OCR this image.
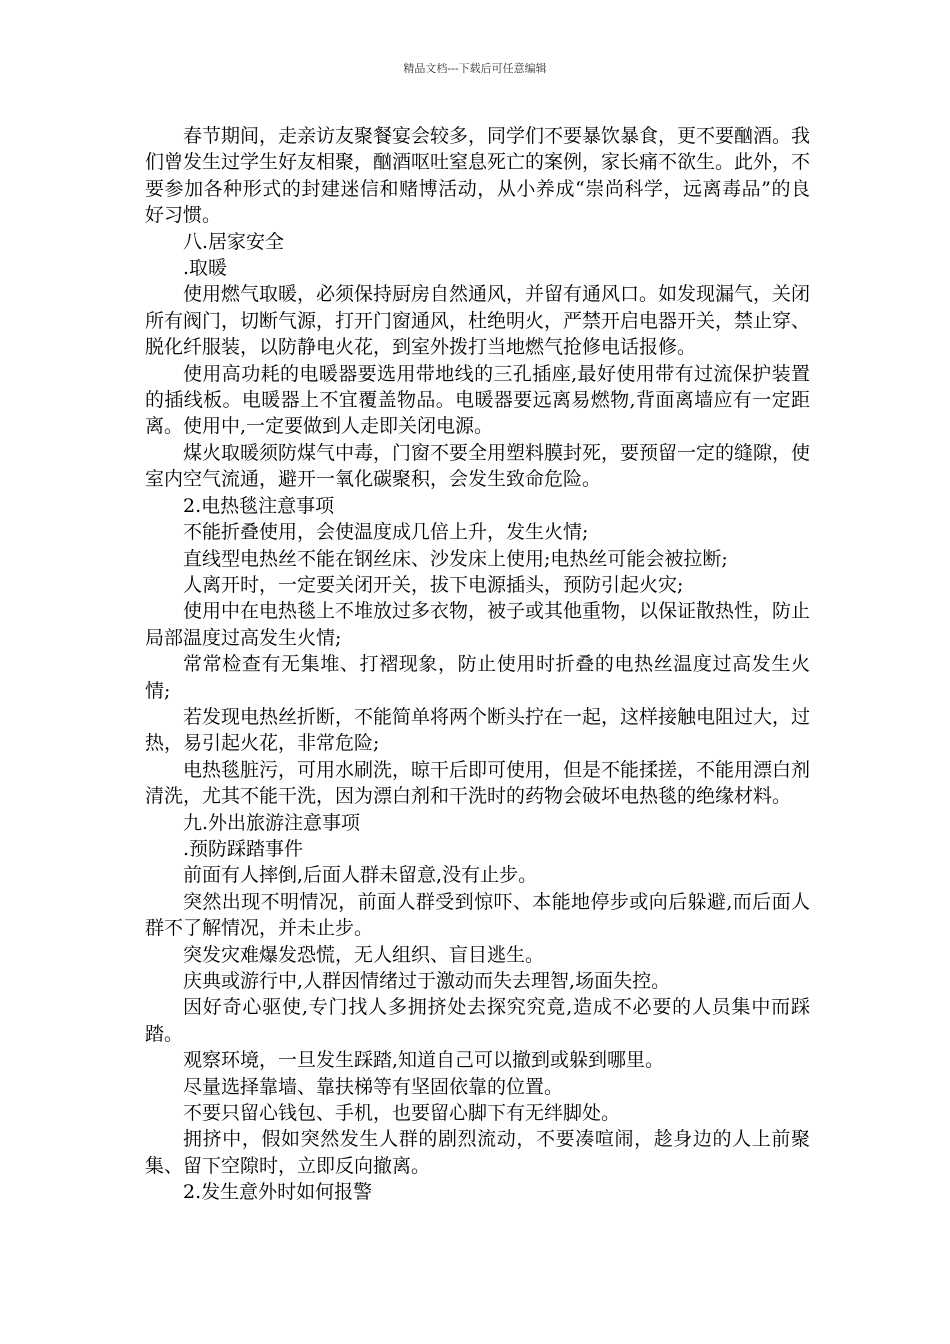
精品文档---下载后可任意编辑

春节期间，走亲访友聚餐宴会较多，同学们不要暴饮暴食，更不要酗酒。我们曾发生过学生好友相聚，酗酒呕吐窒息死亡的案例，家长痛不欲生。此外，不要参加各种形式的封建迷信和赌博活动，从小养成“崇尚科学，远离毒品”的良好习惯。

八.居家安全

.取暖

使用燃气取暖，必须保持厨房自然通风，并留有通风口。如发现漏气，关闭所有阀门，切断气源，打开门窗通风，杜绝明火，严禁开启电器开关，禁止穿、脱化纤服装，以防静电火花，到室外拨打当地燃气抢修电话报修。

使用高功耗的电暖器要选用带地线的三孔插座,最好使用带有过流保护装置的插线板。电暖器上不宜覆盖物品。电暖器要远离易燃物,背面离墙应有一定距离。使用中,一定要做到人走即关闭电源。

煤火取暖须防煤气中毒，门窗不要全用塑料膜封死，要预留一定的缝隙，使室内空气流通，避开一氧化碳聚积，会发生致命危险。

2.电热毯注意事项

不能折叠使用，会使温度成几倍上升，发生火情;

直线型电热丝不能在钢丝床、沙发床上使用;电热丝可能会被拉断;

人离开时，一定要关闭开关，拔下电源插头，预防引起火灾;

使用中在电热毯上不堆放过多衣物，被子或其他重物，以保证散热性，防止局部温度过高发生火情;

常常检查有无集堆、打褶现象，防止使用时折叠的电热丝温度过高发生火情;

若发现电热丝折断，不能简单将两个断头拧在一起，这样接触电阻过大，过热，易引起火花，非常危险;

电热毯脏污，可用水刷洗，晾干后即可使用，但是不能揉搓，不能用漂白剂清洗，尤其不能干洗，因为漂白剂和干洗时的药物会破坏电热毯的绝缘材料。

九.外出旅游注意事项

.预防踩踏事件

前面有人摔倒,后面人群未留意,没有止步。

突然出现不明情况，前面人群受到惊吓、本能地停步或向后躲避,而后面人群不了解情况，并未止步。

突发灾难爆发恐慌，无人组织、盲目逃生。

庆典或游行中,人群因情绪过于激动而失去理智,场面失控。

因好奇心驱使,专门找人多拥挤处去探究究竟,造成不必要的人员集中而踩踏。

观察环境，一旦发生踩踏,知道自己可以撤到或躲到哪里。

尽量选择靠墙、靠扶梯等有坚固依靠的位置。

不要只留心钱包、手机，也要留心脚下有无绊脚处。

拥挤中，假如突然发生人群的剧烈流动，不要凑喧闹，趁身边的人上前聚集、留下空隙时，立即反向撤离。

2.发生意外时如何报警
